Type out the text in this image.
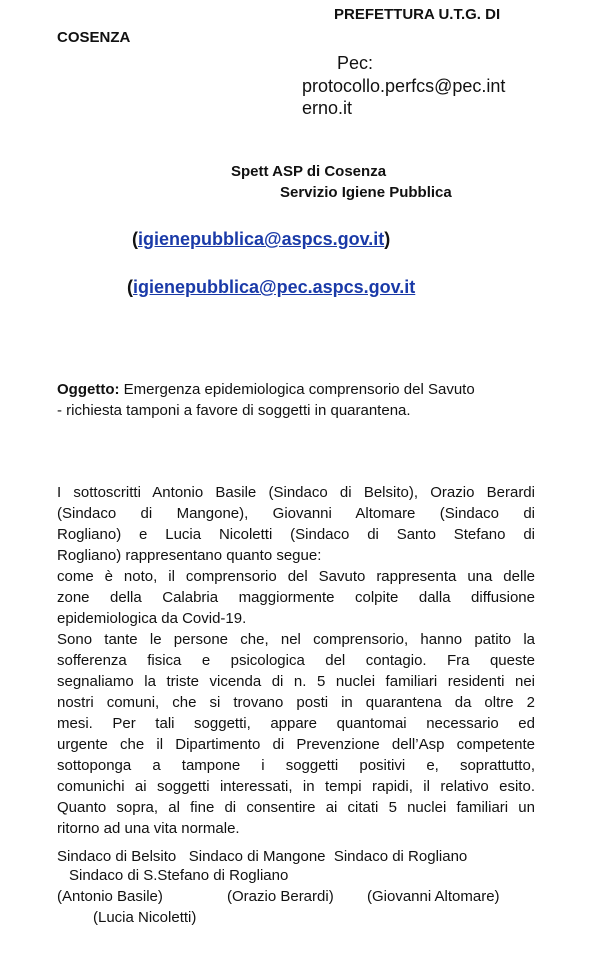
PREFETTURA U.T.G. DI
COSENZA
Pec:
protocollo.perfcs@pec.int
erno.it
Spett ASP di Cosenza
Servizio Igiene Pubblica
(igienepubblica@aspcs.gov.it)
(igienepubblica@pec.aspcs.gov.it
Oggetto: Emergenza epidemiologica comprensorio del Savuto
- richiesta tamponi a favore di soggetti in quarantena.
I sottoscritti Antonio Basile (Sindaco di Belsito), Orazio Berardi
(Sindaco di Mangone), Giovanni Altomare (Sindaco di
Rogliano) e Lucia Nicoletti (Sindaco di Santo Stefano di
Rogliano) rappresentano quanto segue:
come è noto, il comprensorio del Savuto rappresenta una delle
zone della Calabria maggiormente colpite dalla diffusione
epidemiologica da Covid-19.
Sono tante le persone che, nel comprensorio, hanno patito la
sofferenza fisica e psicologica del contagio. Fra queste
segnaliamo la triste vicenda di n. 5 nuclei familiari residenti nei
nostri comuni, che si trovano posti in quarantena da oltre 2
mesi. Per tali soggetti, appare quantomai necessario ed
urgente che il Dipartimento di Prevenzione dell’Asp competente
sottoponga a tampone i soggetti positivi e, soprattutto,
comunichi ai soggetti interessati, in tempi rapidi, il relativo esito.
Quanto sopra, al fine di consentire ai citati 5 nuclei familiari un
ritorno ad una vita normale.
Sindaco di Belsito   Sindaco di Mangone  Sindaco di Rogliano
Sindaco di S.Stefano di Rogliano
(Antonio Basile)	(Orazio Berardi) (Giovanni Altomare)
(Lucia Nicoletti)
